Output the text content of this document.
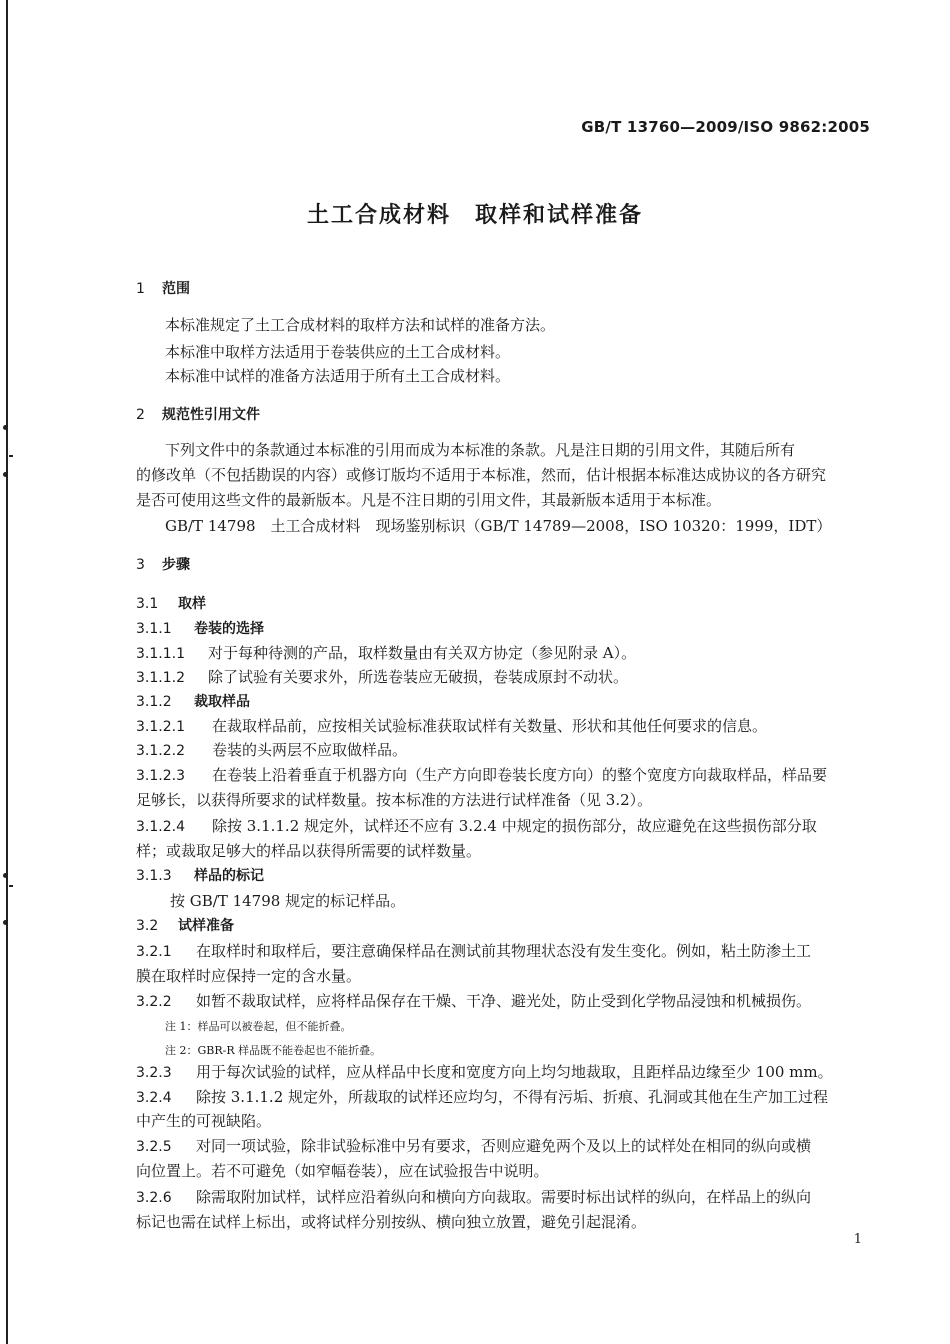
GB/T 13760—2009/ISO 9862:2005
土工合成材料　取样和试样准备
1 范围
本标准规定了土工合成材料的取样方法和试样的准备方法。
本标准中取样方法适用于卷装供应的土工合成材料。
本标准中试样的准备方法适用于所有土工合成材料。
2 规范性引用文件
下列文件中的条款通过本标准的引用而成为本标准的条款。凡是注日期的引用文件，其随后所有
的修改单（不包括勘误的内容）或修订版均不适用于本标准，然而，估计根据本标准达成协议的各方研究
是否可使用这些文件的最新版本。凡是不注日期的引用文件，其最新版本适用于本标准。
GB/T 14798　土工合成材料　现场鉴别标识（GB/T 14789—2008，ISO 10320：1999，IDT）
3 步骤
3.1 取样
3.1.1 卷装的选择
3.1.1.1 对于每种待测的产品，取样数量由有关双方协定（参见附录 A）。
3.1.1.2 除了试验有关要求外，所选卷装应无破损，卷装成原封不动状。
3.1.2 裁取样品
3.1.2.1 在裁取样品前，应按相关试验标准获取试样有关数量、形状和其他任何要求的信息。
3.1.2.2 卷装的头两层不应取做样品。
3.1.2.3 在卷装上沿着垂直于机器方向（生产方向即卷装长度方向）的整个宽度方向裁取样品，样品要
足够长，以获得所要求的试样数量。按本标准的方法进行试样准备（见 3.2）。
3.1.2.4 除按 3.1.1.2 规定外，试样还不应有 3.2.4 中规定的损伤部分，故应避免在这些损伤部分取
样；或裁取足够大的样品以获得所需要的试样数量。
3.1.3 样品的标记
按 GB/T 14798 规定的标记样品。
3.2 试样准备
3.2.1 在取样时和取样后，要注意确保样品在测试前其物理状态没有发生变化。例如，粘土防渗土工
膜在取样时应保持一定的含水量。
3.2.2 如暂不裁取试样，应将样品保存在干燥、干净、避光处，防止受到化学物品浸蚀和机械损伤。
注 1：样品可以被卷起，但不能折叠。
注 2：GBR-R 样品既不能卷起也不能折叠。
3.2.3 用于每次试验的试样，应从样品中长度和宽度方向上均匀地裁取，且距样品边缘至少 100 mm。
3.2.4 除按 3.1.1.2 规定外，所裁取的试样还应均匀，不得有污垢、折痕、孔洞或其他在生产加工过程
中产生的可视缺陷。
3.2.5 对同一项试验，除非试验标准中另有要求，否则应避免两个及以上的试样处在相同的纵向或横
向位置上。若不可避免（如窄幅卷装），应在试验报告中说明。
3.2.6 除需取附加试样，试样应沿着纵向和横向方向裁取。需要时标出试样的纵向，在样品上的纵向
标记也需在试样上标出，或将试样分别按纵、横向独立放置，避免引起混淆。
1
